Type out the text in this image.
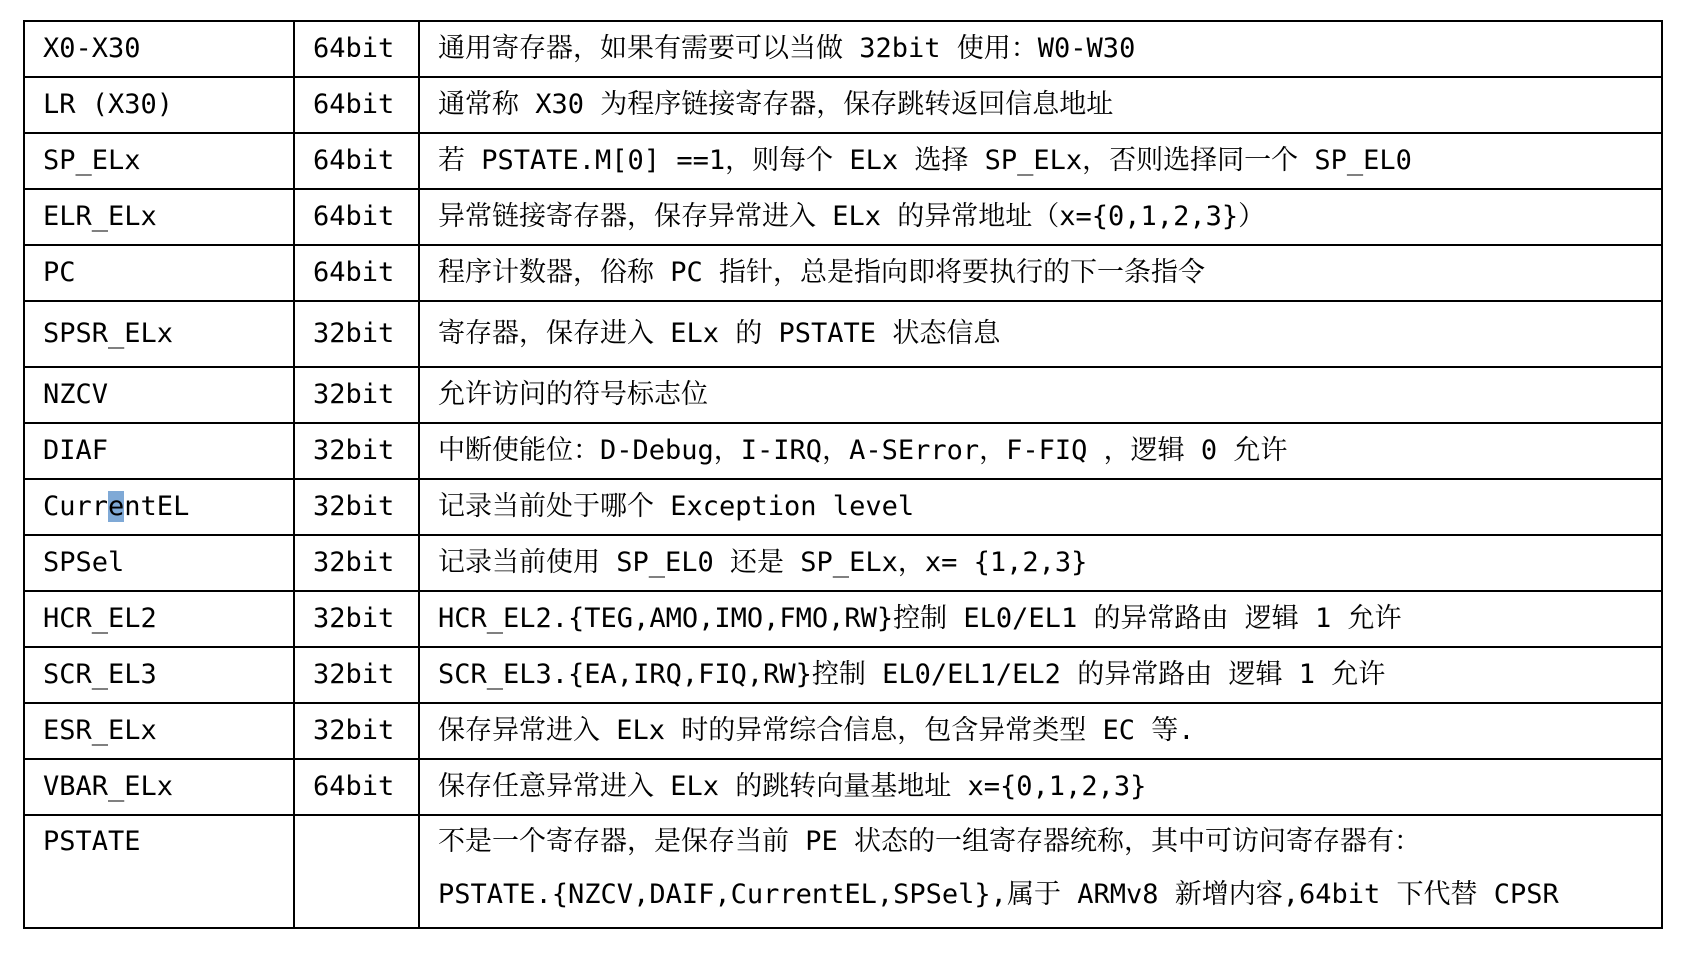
X0-X30	64bit	通用寄存器，如果有需要可以当做 32bit 使用：W0-W30
LR (X30)	64bit	通常称 X30 为程序链接寄存器，保存跳转返回信息地址
SP_ELx	64bit	若 PSTATE.M[0] ==1，则每个 ELx 选择 SP_ELx，否则选择同一个 SP_EL0
ELR_ELx	64bit	异常链接寄存器，保存异常进入 ELx 的异常地址（x={0,1,2,3}）
PC	64bit	程序计数器，俗称 PC 指针，总是指向即将要执行的下一条指令
SPSR_ELx	32bit	寄存器，保存进入 ELx 的 PSTATE 状态信息
NZCV	32bit	允许访问的符号标志位
DIAF	32bit	中断使能位：D-Debug，I-IRQ，A-SError，F-FIQ ，逻辑 0 允许
CurrentEL	32bit	记录当前处于哪个 Exception level
SPSel	32bit	记录当前使用 SP_EL0 还是 SP_ELx，x= {1,2,3}
HCR_EL2	32bit	HCR_EL2.{TEG,AMO,IMO,FMO,RW}控制 EL0/EL1 的异常路由 逻辑 1 允许
SCR_EL3	32bit	SCR_EL3.{EA,IRQ,FIQ,RW}控制 EL0/EL1/EL2 的异常路由 逻辑 1 允许
ESR_ELx	32bit	保存异常进入 ELx 时的异常综合信息，包含异常类型 EC 等.
VBAR_ELx	64bit	保存任意异常进入 ELx 的跳转向量基地址 x={0,1,2,3}
PSTATE		不是一个寄存器，是保存当前 PE 状态的一组寄存器统称，其中可访问寄存器有：
PSTATE.{NZCV,DAIF,CurrentEL,SPSel},属于 ARMv8 新增内容,64bit 下代替 CPSR
